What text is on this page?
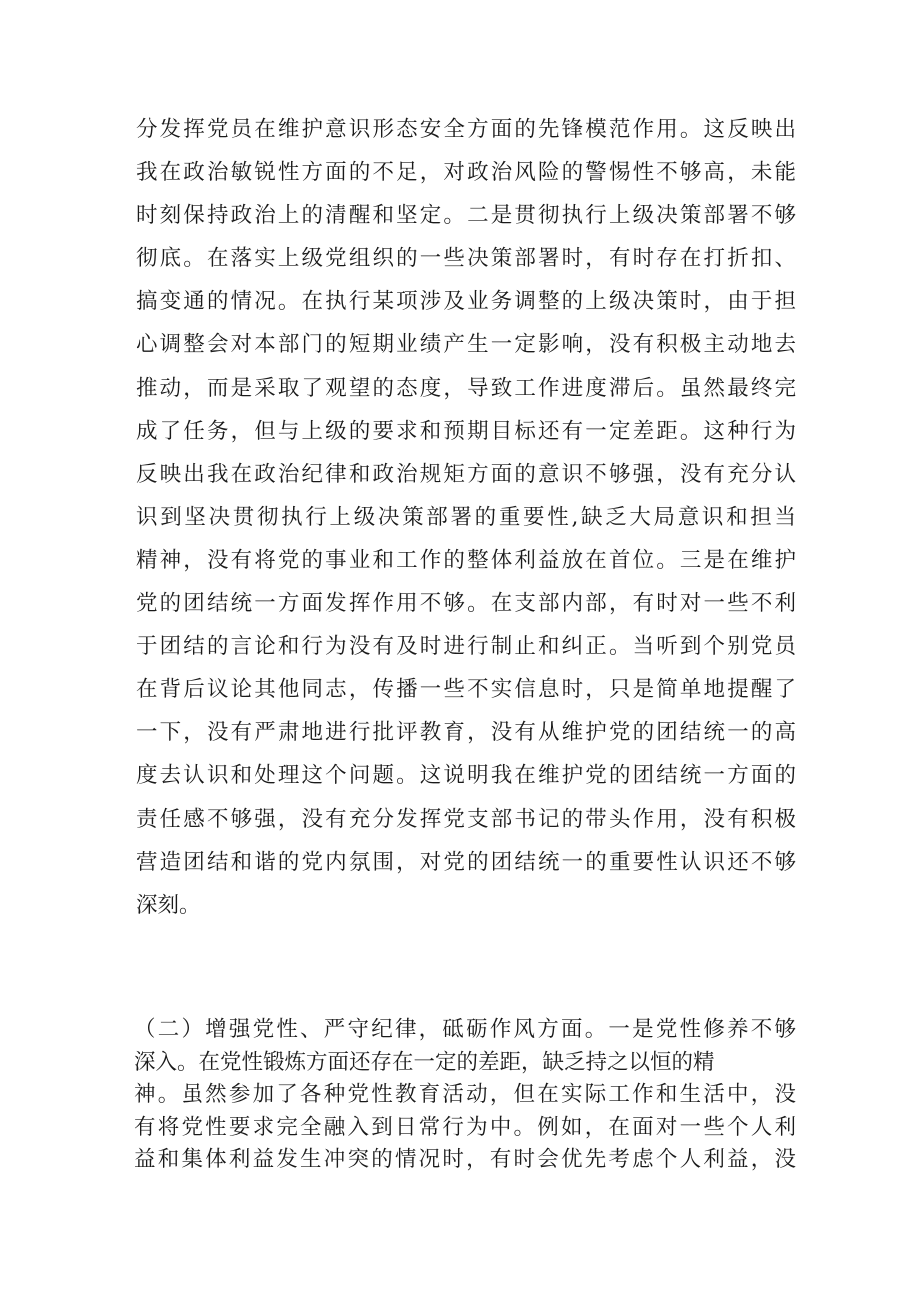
分发挥党员在维护意识形态安全方面的先锋模范作用。这反映出
我在政治敏锐性方面的不足，对政治风险的警惕性不够高，未能
时刻保持政治上的清醒和坚定。二是贯彻执行上级决策部署不够
彻底。在落实上级党组织的一些决策部署时，有时存在打折扣、
搞变通的情况。在执行某项涉及业务调整的上级决策时，由于担
心调整会对本部门的短期业绩产生一定影响，没有积极主动地去
推动，而是采取了观望的态度，导致工作进度滞后。虽然最终完
成了任务，但与上级的要求和预期目标还有一定差距。这种行为
反映出我在政治纪律和政治规矩方面的意识不够强，没有充分认
识到坚决贯彻执行上级决策部署的重要性,缺乏大局意识和担当
精神，没有将党的事业和工作的整体利益放在首位。三是在维护
党的团结统一方面发挥作用不够。在支部内部，有时对一些不利
于团结的言论和行为没有及时进行制止和纠正。当听到个别党员
在背后议论其他同志，传播一些不实信息时，只是简单地提醒了
一下，没有严肃地进行批评教育，没有从维护党的团结统一的高
度去认识和处理这个问题。这说明我在维护党的团结统一方面的
责任感不够强，没有充分发挥党支部书记的带头作用，没有积极
营造团结和谐的党内氛围，对党的团结统一的重要性认识还不够
深刻。
（二）增强党性、严守纪律，砥砺作风方面。一是党性修养不够
深入。在党性锻炼方面还存在一定的差距，缺乏持之以恒的精
神。虽然参加了各种党性教育活动，但在实际工作和生活中，没
有将党性要求完全融入到日常行为中。例如，在面对一些个人利
益和集体利益发生冲突的情况时，有时会优先考虑个人利益，没
